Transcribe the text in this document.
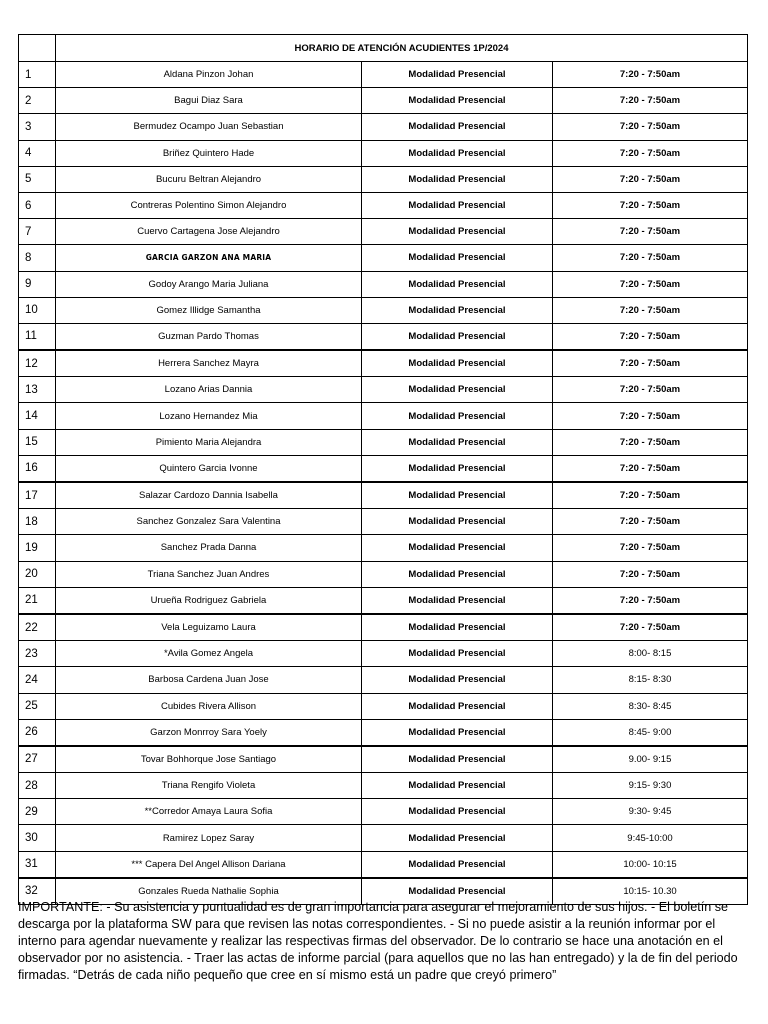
	HORARIO DE ATENCIÓN ACUDIENTES 1P/2024		
1	Aldana Pinzon Johan	Modalidad Presencial	7:20 - 7:50am
2	Bagui Diaz Sara	Modalidad Presencial	7:20 - 7:50am
3	Bermudez Ocampo Juan Sebastian	Modalidad Presencial	7:20 - 7:50am
4	Briñez Quintero Hade	Modalidad Presencial	7:20 - 7:50am
5	Bucuru Beltran Alejandro	Modalidad Presencial	7:20 - 7:50am
6	Contreras Polentino Simon Alejandro	Modalidad Presencial	7:20 - 7:50am
7	Cuervo Cartagena Jose Alejandro	Modalidad Presencial	7:20 - 7:50am
8	GARCIA GARZON ANA MARIA	Modalidad Presencial	7:20 - 7:50am
9	Godoy Arango Maria Juliana	Modalidad Presencial	7:20 - 7:50am
10	Gomez Illidge Samantha	Modalidad Presencial	7:20 - 7:50am
11	Guzman Pardo Thomas	Modalidad Presencial	7:20 - 7:50am
12	Herrera Sanchez Mayra	Modalidad Presencial	7:20 - 7:50am
13	Lozano Arias Dannia	Modalidad Presencial	7:20 - 7:50am
14	Lozano Hernandez Mia	Modalidad Presencial	7:20 - 7:50am
15	Pimiento Maria Alejandra	Modalidad Presencial	7:20 - 7:50am
16	Quintero Garcia Ivonne	Modalidad Presencial	7:20 - 7:50am
17	Salazar Cardozo Dannia Isabella	Modalidad Presencial	7:20 - 7:50am
18	Sanchez Gonzalez Sara Valentina	Modalidad Presencial	7:20 - 7:50am
19	Sanchez Prada Danna	Modalidad Presencial	7:20 - 7:50am
20	Triana Sanchez Juan Andres	Modalidad Presencial	7:20 - 7:50am
21	Urueña Rodriguez Gabriela	Modalidad Presencial	7:20 - 7:50am
22	Vela Leguizamo Laura	Modalidad Presencial	7:20 - 7:50am
23	*Avila Gomez Angela	Modalidad Presencial	8:00- 8:15
24	Barbosa Cardena Juan Jose	Modalidad Presencial	8:15- 8:30
25	Cubides Rivera Allison	Modalidad Presencial	8:30- 8:45
26	Garzon Monrroy Sara Yoely	Modalidad Presencial	8:45- 9:00
27	Tovar Bohhorque Jose Santiago	Modalidad Presencial	9.00- 9:15
28	Triana Rengifo Violeta	Modalidad Presencial	9:15- 9:30
29	**Corredor Amaya Laura Sofia	Modalidad Presencial	9:30- 9:45
30	Ramirez Lopez Saray	Modalidad Presencial	9:45-10:00
31	*** Capera Del Angel Allison Dariana	Modalidad Presencial	10:00- 10:15
32	Gonzales Rueda Nathalie Sophia	Modalidad Presencial	10:15- 10.30

IMPORTANTE: - Su asistencia y puntualidad es de gran importancia para asegurar el mejoramiento de sus hijos. - El boletín se descarga por la plataforma SW para que revisen las notas correspondientes. - Si no puede asistir a la reunión informar por el interno para agendar nuevamente y realizar las respectivas firmas del observador. De lo contrario se hace una anotación en el observador por no asistencia. - Traer las actas de informe parcial (para aquellos que no las han entregado) y la de fin del periodo firmadas. “Detrás de cada niño pequeño que cree en sí mismo está un padre que creyó primero”
